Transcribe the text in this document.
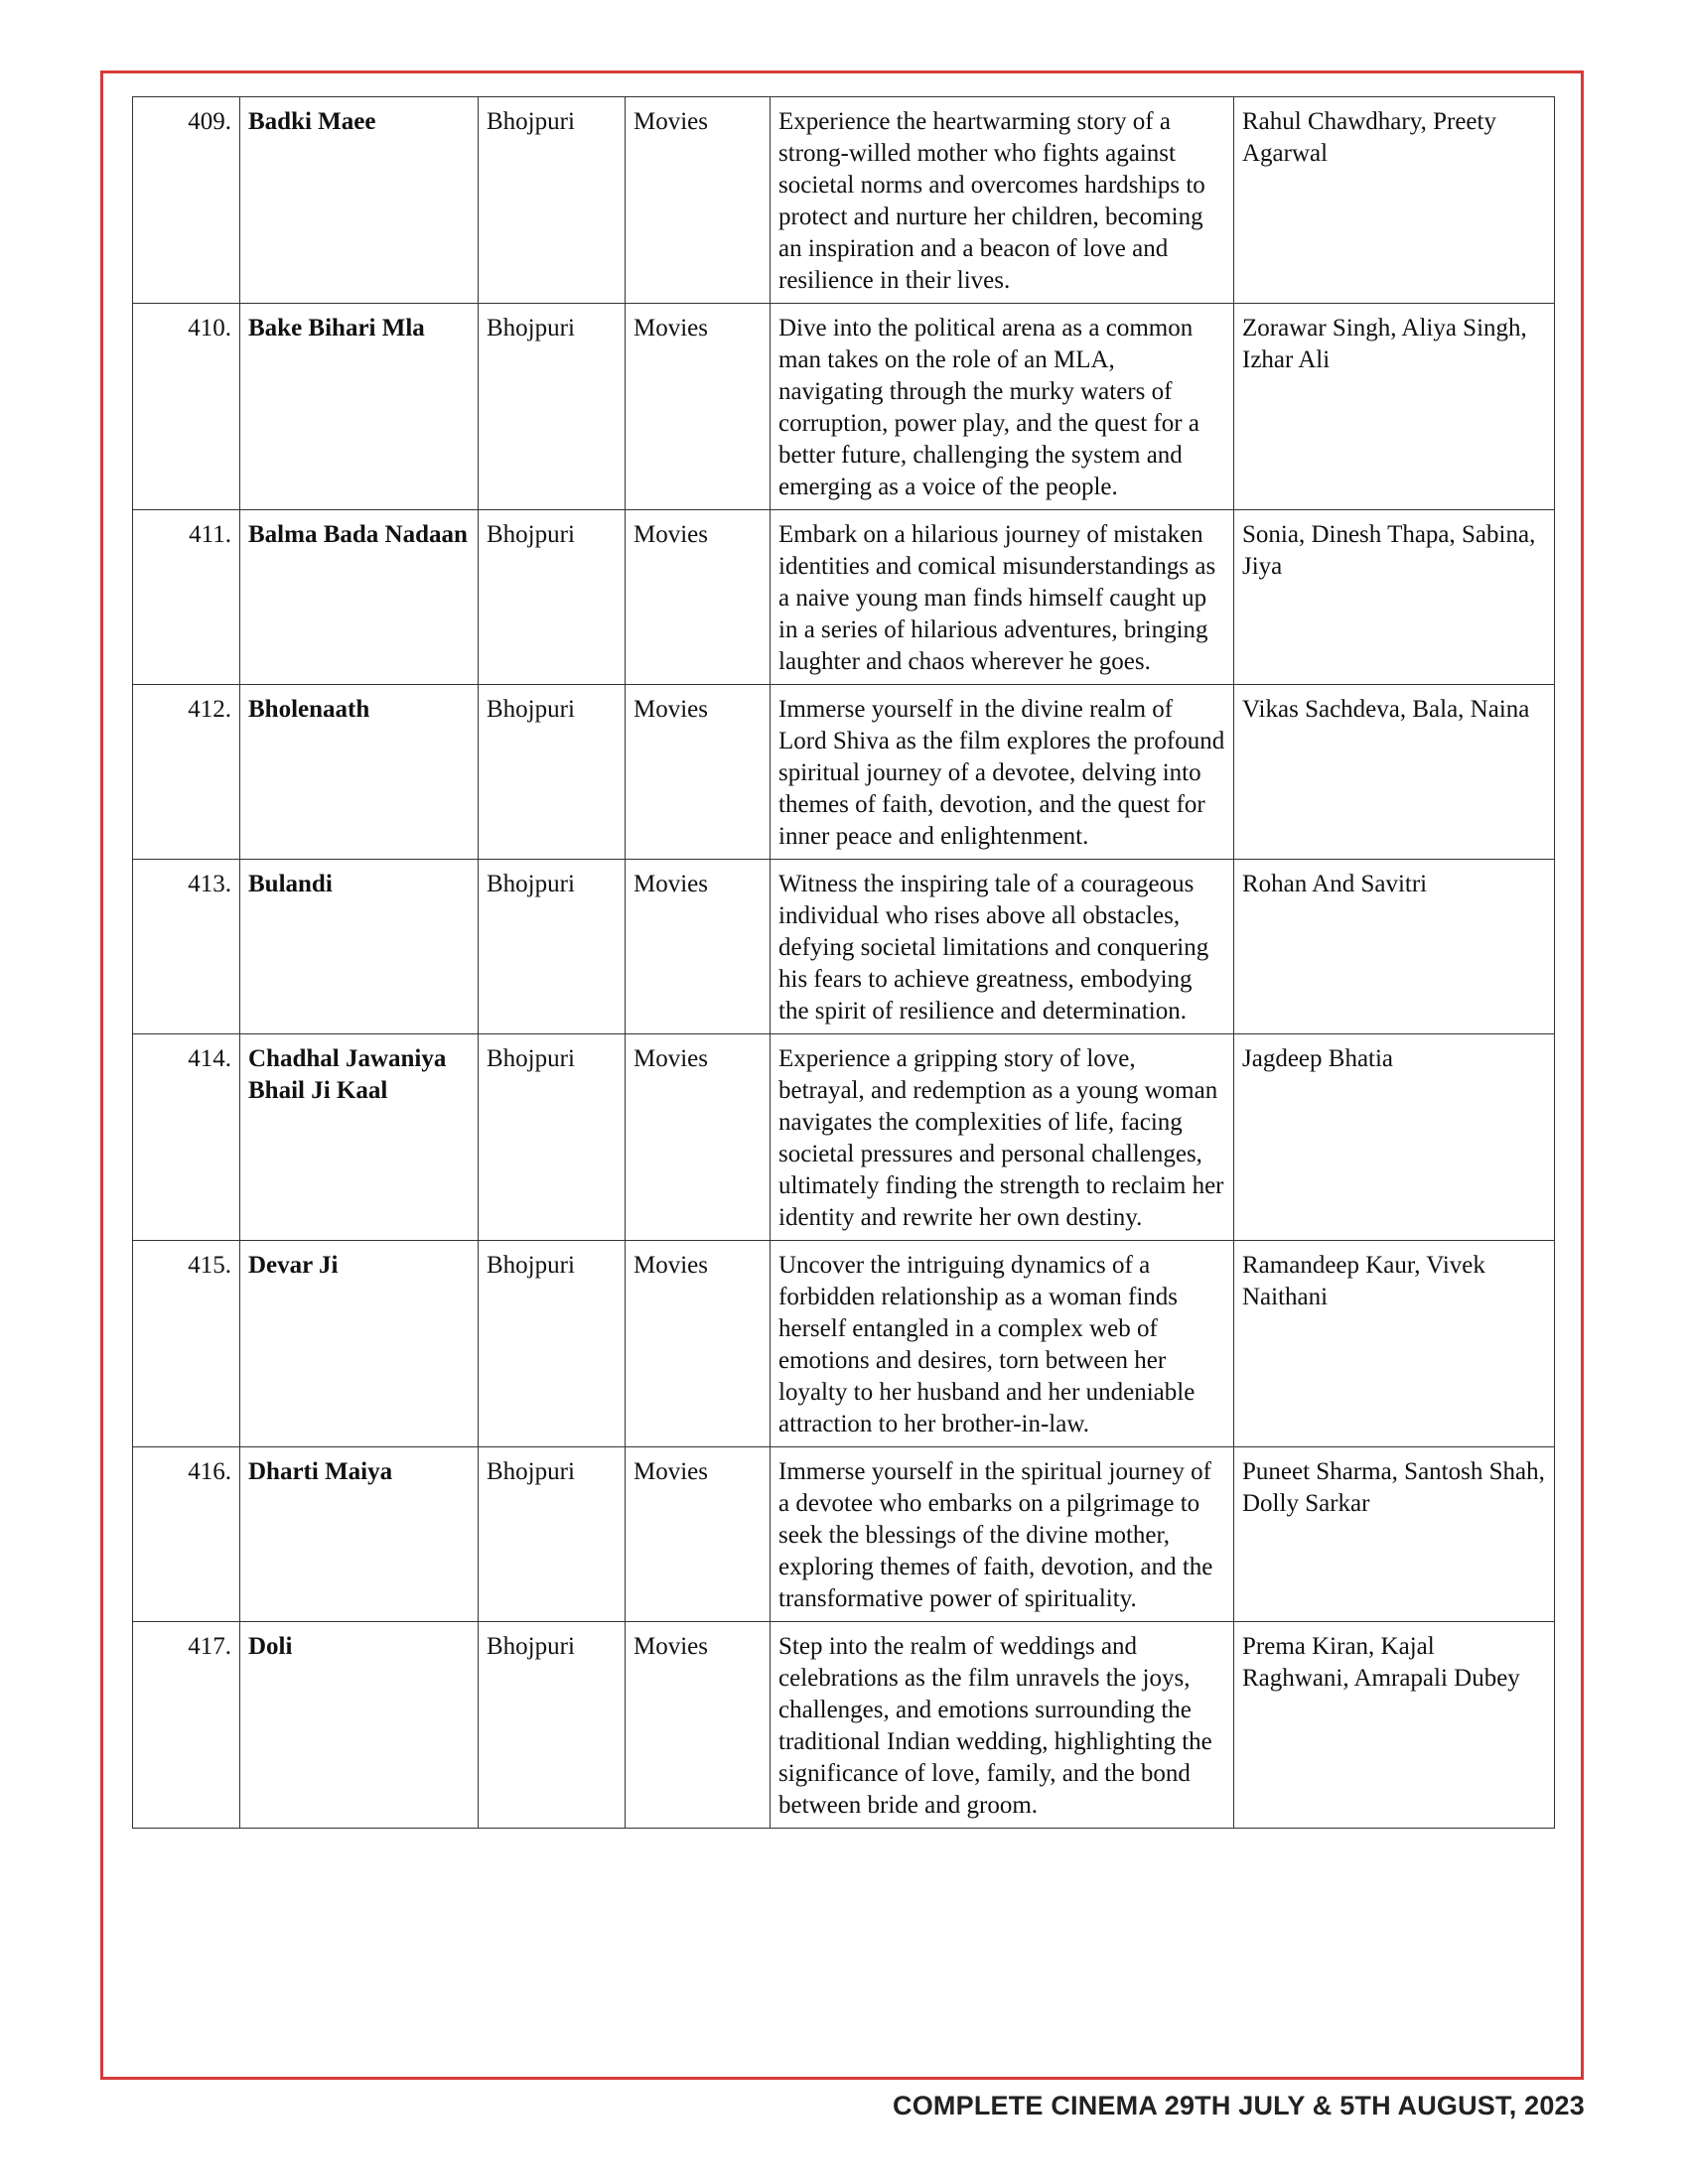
409.	Badki Maee	Bhojpuri	Movies	Experience the heartwarming story of a strong-willed mother who fights against societal norms and overcomes hardships to protect and nurture her children, becoming an inspiration and a beacon of love and resilience in their lives.	Rahul Chawdhary, Preety Agarwal
410.	Bake Bihari Mla	Bhojpuri	Movies	Dive into the political arena as a common man takes on the role of an MLA, navigating through the murky waters of corruption, power play, and the quest for a better future, challenging the system and emerging as a voice of the people.	Zorawar Singh, Aliya Singh, Izhar Ali
411.	Balma Bada Nadaan	Bhojpuri	Movies	Embark on a hilarious journey of mistaken identities and comical misunderstandings as a naive young man finds himself caught up in a series of hilarious adventures, bringing laughter and chaos wherever he goes.	Sonia, Dinesh Thapa, Sabina, Jiya
412.	Bholenaath	Bhojpuri	Movies	Immerse yourself in the divine realm of Lord Shiva as the film explores the profound spiritual journey of a devotee, delving into themes of faith, devotion, and the quest for inner peace and enlightenment.	Vikas Sachdeva, Bala, Naina
413.	Bulandi	Bhojpuri	Movies	Witness the inspiring tale of a courageous individual who rises above all obstacles, defying societal limitations and conquering his fears to achieve greatness, embodying the spirit of resilience and determination.	Rohan And Savitri
414.	Chadhal Jawaniya Bhail Ji Kaal	Bhojpuri	Movies	Experience a gripping story of love, betrayal, and redemption as a young woman navigates the complexities of life, facing societal pressures and personal challenges, ultimately finding the strength to reclaim her identity and rewrite her own destiny.	Jagdeep Bhatia
415.	Devar Ji	Bhojpuri	Movies	Uncover the intriguing dynamics of a forbidden relationship as a woman finds herself entangled in a complex web of emotions and desires, torn between her loyalty to her husband and her undeniable attraction to her brother-in-law.	Ramandeep Kaur, Vivek Naithani
416.	Dharti Maiya	Bhojpuri	Movies	Immerse yourself in the spiritual journey of a devotee who embarks on a pilgrimage to seek the blessings of the divine mother, exploring themes of faith, devotion, and the transformative power of spirituality.	Puneet Sharma, Santosh Shah, Dolly Sarkar
417.	Doli	Bhojpuri	Movies	Step into the realm of weddings and celebrations as the film unravels the joys, challenges, and emotions surrounding the traditional Indian wedding, highlighting the significance of love, family, and the bond between bride and groom.	Prema Kiran, Kajal Raghwani, Amrapali Dubey
COMPLETE CINEMA 29TH JULY & 5TH AUGUST, 2023
